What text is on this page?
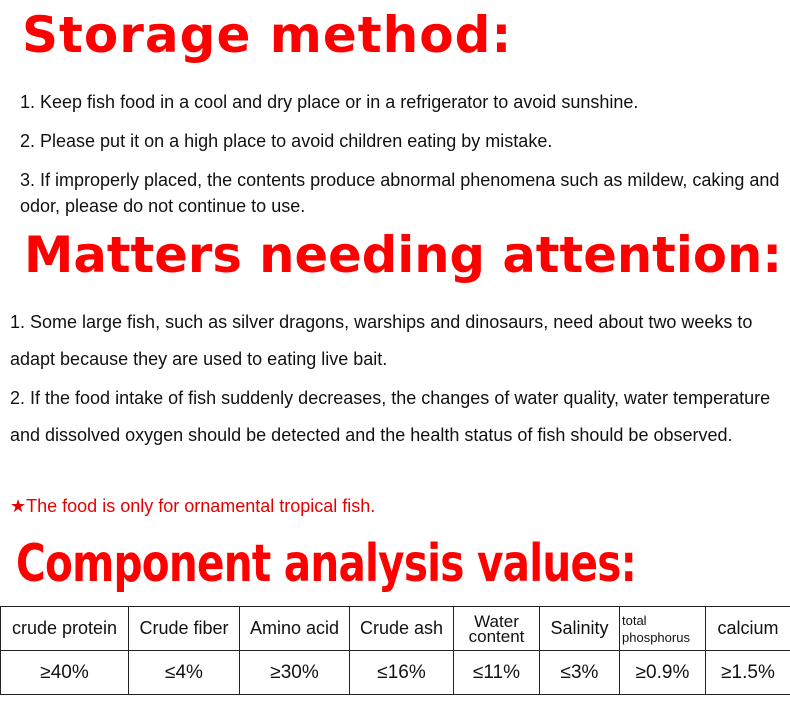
Storage method:
1. Keep fish food in a cool and dry place or in a refrigerator to avoid sunshine.
2. Please put it on a high place to avoid children eating by mistake.
3. If improperly placed, the contents produce abnormal phenomena such as mildew, caking and odor, please do not continue to use.
Matters needing attention:
1. Some large fish, such as silver dragons, warships and dinosaurs, need about two weeks to adapt because they are used to eating live bait.
2. If the food intake of fish suddenly decreases, the changes of water quality, water temperature and dissolved oxygen should be detected and the health status of fish should be observed.
★The food is only for ornamental tropical fish.
Component analysis values:
crude protein	Crude fiber	Amino acid	Crude ash	Water content	Salinity	total phosphorus	calcium
≥40%	≤4%	≥30%	≤16%	≤11%	≤3%	≥0.9%	≥1.5%
